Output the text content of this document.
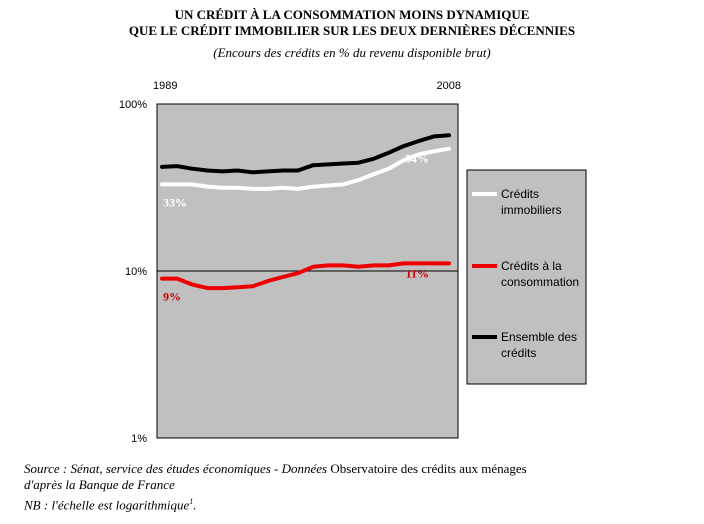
UN CRÉDIT À LA CONSOMMATION MOINS DYNAMIQUE
QUE LE CRÉDIT IMMOBILIER SUR LES DEUX DERNIÈRES DÉCENNIES
(Encours des crédits en % du revenu disponible brut)
1989	2008
1%
10%
100%
33%
54%
9%
11%
Crédits
immobiliers
Crédits à la
consommation
Ensemble des
crédits
Source : Sénat, service des études économiques - Données Observatoire des crédits aux ménages
d'après la Banque de France
NB : l'échelle est logarithmique$^1$.
